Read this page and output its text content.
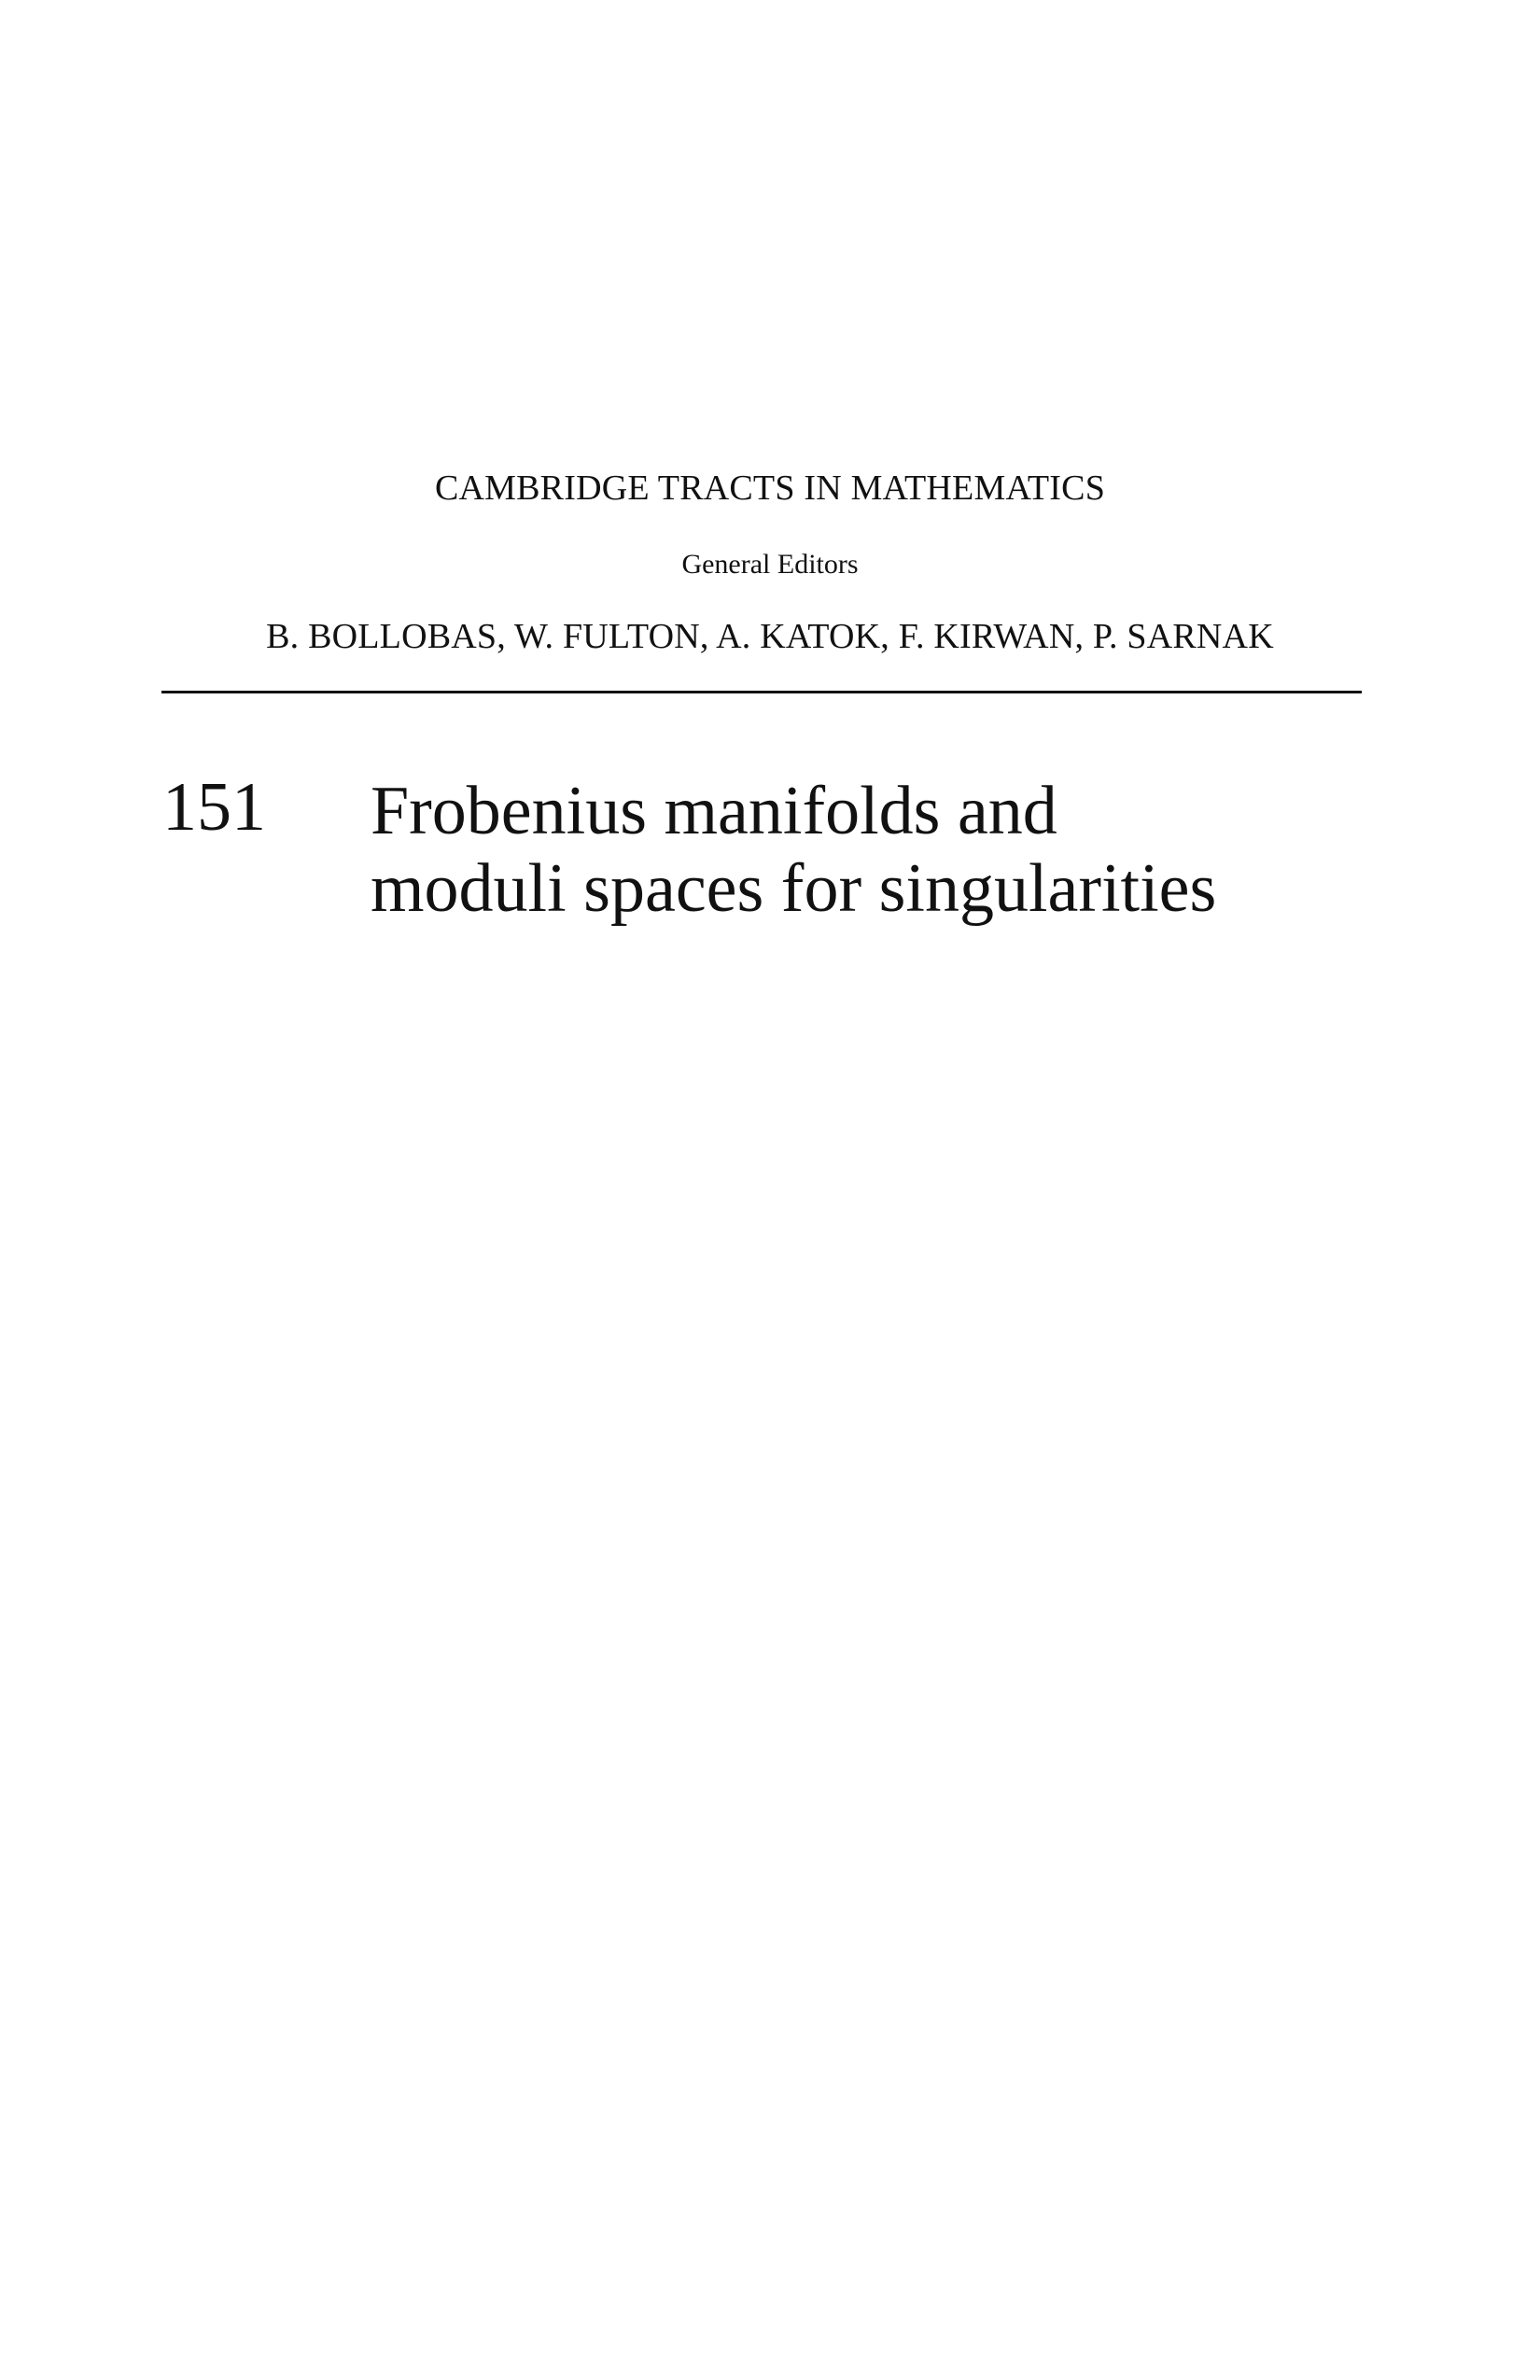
CAMBRIDGE TRACTS IN MATHEMATICS
General Editors
B. BOLLOBAS, W. FULTON, A. KATOK, F. KIRWAN, P. SARNAK
151 Frobenius manifolds and
moduli spaces for singularities
